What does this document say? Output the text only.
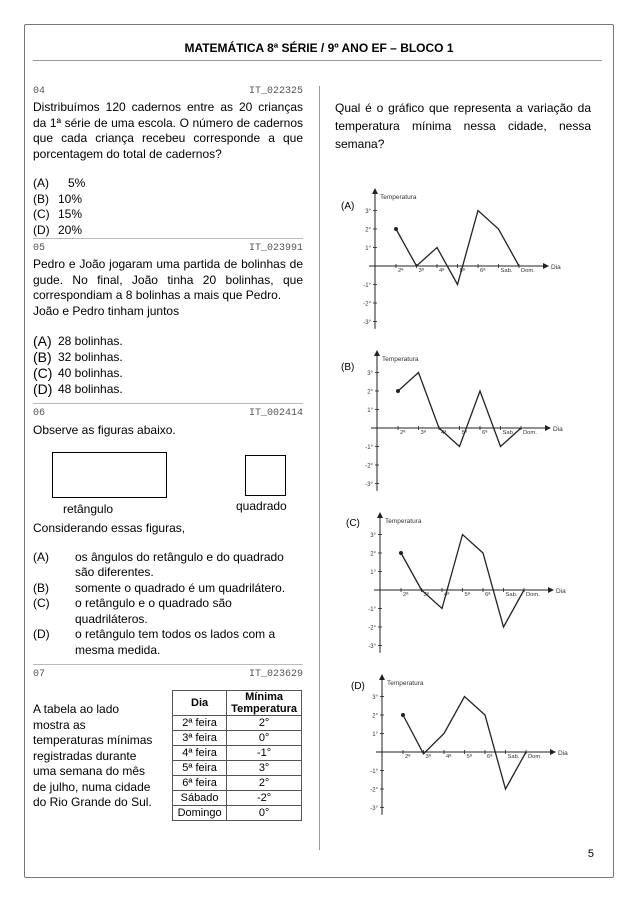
MATEMÁTICA 8ª SÉRIE / 9º ANO EF – BLOCO 1
5
04	IT_022325
Distribuímos 120 cadernos entre as 20 crianças da 1ª série de uma escola. O número de cadernos que cada criança recebeu corresponde a que porcentagem do total de cadernos?
(A)	5%
(B) 10%
(C) 15%
(D) 20%
05	IT_023991
Pedro e João jogaram uma partida de bolinhas de gude. No final, João tinha 20 bolinhas, que correspondiam a 8 bolinhas a mais que Pedro.
João e Pedro tinham juntos
(A) 28 bolinhas.
(B) 32 bolinhas.
(C) 40 bolinhas.
(D) 48 bolinhas.
06	IT_002414
Observe as figuras abaixo.
retângulo	quadrado
Considerando essas figuras,
(A)	os ângulos do retângulo e do quadrado são diferentes.
(B)	somente o quadrado é um quadrilátero.
(C)	o retângulo e o quadrado são quadriláteros.
(D)	o retângulo tem todos os lados com a mesma medida.
07	IT_023629
A tabela ao lado mostra as temperaturas mínimas registradas durante uma semana do mês de julho, numa cidade do Rio Grande do Sul.
Dia	Mínima Temperatura
2ª feira	2°
3ª feira	0°
4ª feira	-1°
5ª feira	3°
6ª feira	2°
Sábado	-2°
Domingo	0°
Qual é o gráfico que representa a variação da temperatura mínima nessa cidade, nessa semana?
(A)
(B)
(C)
(D)
Temperatura
Dia
3°
2°
1°
-1°
-2°
-3°
2ª	3ª	4ª	5ª	6ª	Sab. Dom.
Temperatura
Dia
3°
2°
1°
-1°
-2°
-3°
2ª	3ª	4ª	5ª	6ª	Sab. Dom.
Temperatura
Dia
3°
2°
1°
-1°
-2°
-3°
2ª	3ª	4ª	5ª	6ª	Sab. Dom.
Temperatura
Dia
3°
2°
1°
-1°
-2°
-3°
2ª	3ª	4ª	5ª	6ª	Sab. Dom.
